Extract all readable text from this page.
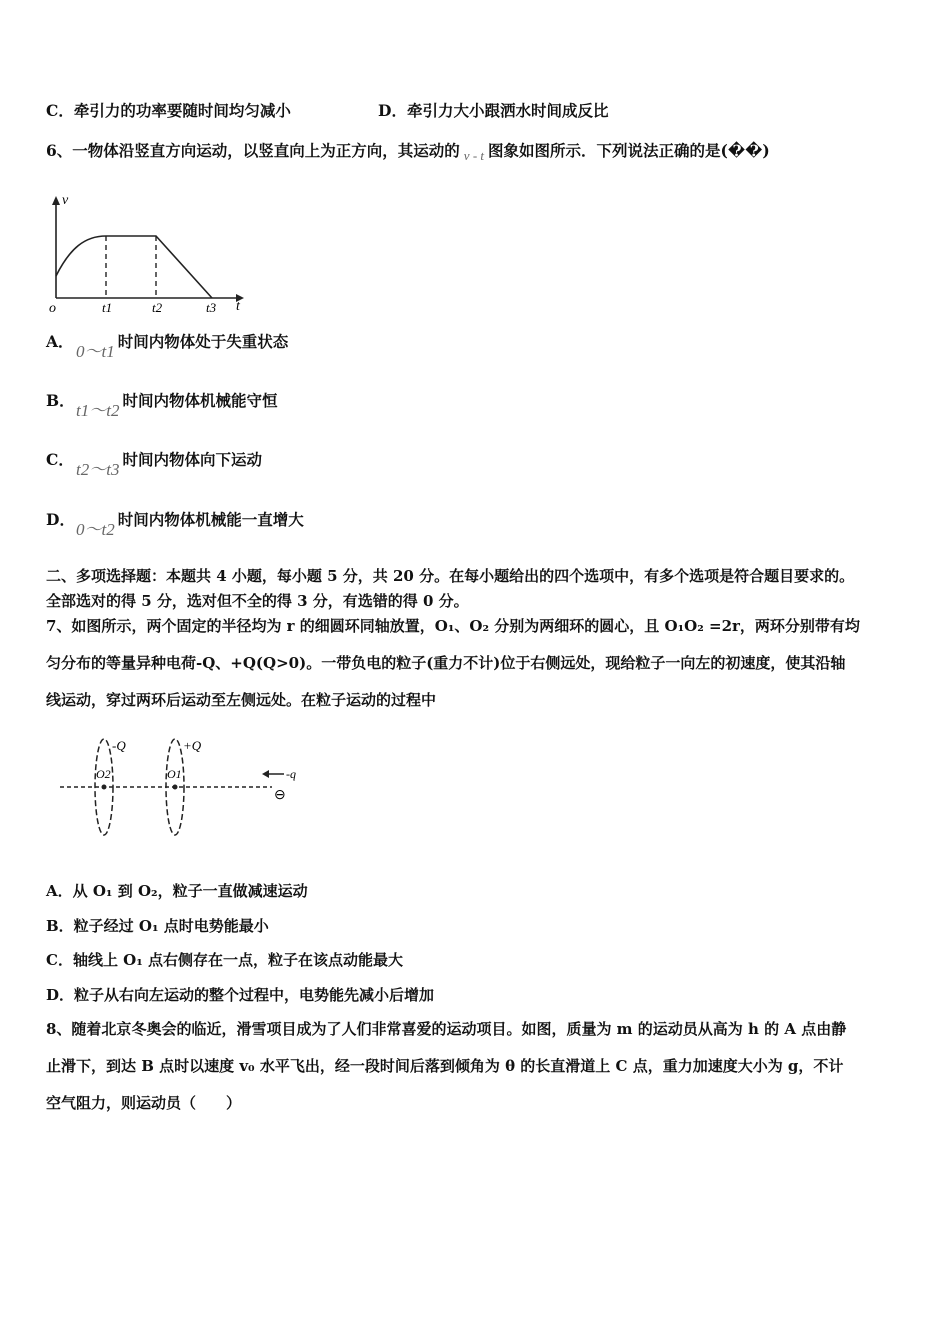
C．牵引力的功率要随时间均匀减小	D．牵引力大小跟洒水时间成反比
6、一物体沿竖直方向运动，以竖直向上为正方向，其运动的 $_{v - t}$ 图象如图所示．下列说法正确的是(��)
v
o	t1	t2	t3 t
A．0～t1时间内物体处于失重状态
B．t1～t2时间内物体机械能守恒
C．t2～t3时间内物体向下运动
D．0～t2时间内物体机械能一直增大
二、多项选择题：本题共 4 小题，每小题 5 分，共 20 分。在每小题给出的四个选项中，有多个选项是符合题目要求的。
全部选对的得 5 分，选对但不全的得 3 分，有选错的得 0 分。
7、如图所示，两个固定的半径均为 r 的细圆环同轴放置，O₁、O₂ 分别为两细环的圆心，且 O₁O₂ =2r，两环分别带有均
匀分布的等量异种电荷-Q、+Q(Q>0)。一带负电的粒子(重力不计)位于右侧远处，现给粒子一向左的初速度，使其沿轴
线运动，穿过两环后运动至左侧远处。在粒子运动的过程中
-Q	+Q
O2	O1	-q
⊖
A．从 O₁ 到 O₂，粒子一直做减速运动
B．粒子经过 O₁ 点时电势能最小
C．轴线上 O₁ 点右侧存在一点，粒子在该点动能最大
D．粒子从右向左运动的整个过程中，电势能先减小后增加
8、随着北京冬奥会的临近，滑雪项目成为了人们非常喜爱的运动项目。如图，质量为 m 的运动员从高为 h 的 A 点由静
止滑下，到达 B 点时以速度 v₀ 水平飞出，经一段时间后落到倾角为 θ 的长直滑道上 C 点，重力加速度大小为 g，不计
空气阻力，则运动员（　　）
